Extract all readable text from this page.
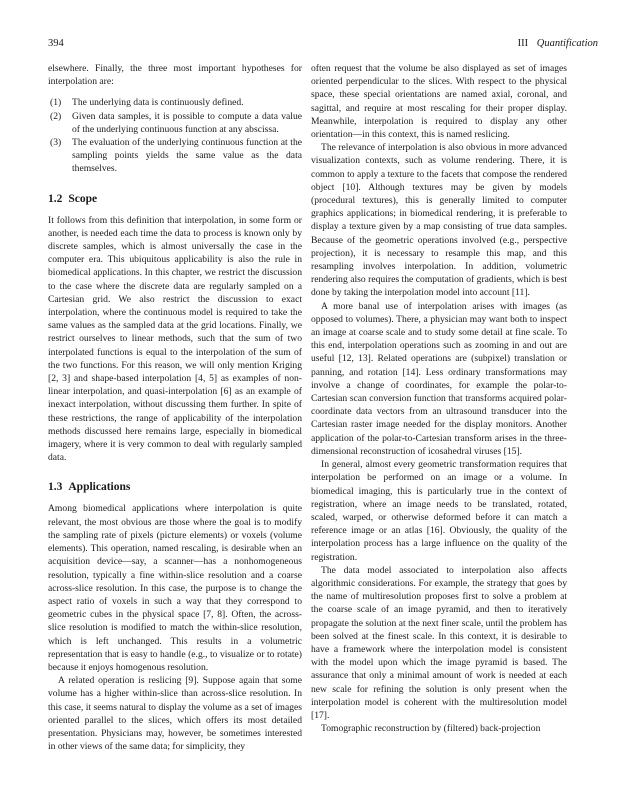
394	III Quantification

elsewhere. Finally, the three most important hypotheses for interpolation are:

(1) The underlying data is continuously defined.
(2) Given data samples, it is possible to compute a data value of the underlying continuous function at any abscissa.
(3) The evaluation of the underlying continuous function at the sampling points yields the same value as the data themselves.
1.2 Scope

It follows from this definition that interpolation, in some form or another, is needed each time the data to process is known only by discrete samples, which is almost universally the case in the computer era. This ubiquitous applicability is also the rule in biomedical applications. In this chapter, we restrict the discussion to the case where the discrete data are regularly sampled on a Cartesian grid. We also restrict the discussion to exact interpolation, where the continuous model is required to take the same values as the sampled data at the grid locations. Finally, we restrict ourselves to linear methods, such that the sum of two interpolated functions is equal to the interpolation of the sum of the two functions. For this reason, we will only mention Kriging [2, 3] and shape-based interpolation [4, 5] as examples of non-linear interpolation, and quasi-interpolation [6] as an example of inexact interpolation, without discussing them further. In spite of these restrictions, the range of applicability of the interpolation methods discussed here remains large, especially in biomedical imagery, where it is very common to deal with regularly sampled data.

1.3 Applications

Among biomedical applications where interpolation is quite relevant, the most obvious are those where the goal is to modify the sampling rate of pixels (picture elements) or voxels (volume elements). This operation, named rescaling, is desirable when an acquisition device—say, a scanner—has a nonhomogeneous resolution, typically a fine within-slice resolution and a coarse across-slice resolution. In this case, the purpose is to change the aspect ratio of voxels in such a way that they correspond to geometric cubes in the physical space [7, 8]. Often, the across-slice resolution is modified to match the within-slice resolution, which is left unchanged. This results in a volumetric representation that is easy to handle (e.g., to visualize or to rotate) because it enjoys homogenous resolution.

A related operation is reslicing [9]. Suppose again that some volume has a higher within-slice than across-slice resolution. In this case, it seems natural to display the volume as a set of images oriented parallel to the slices, which offers its most detailed presentation. Physicians may, however, be sometimes interested in other views of the same data; for simplicity, they

often request that the volume be also displayed as set of images oriented perpendicular to the slices. With respect to the physical space, these special orientations are named axial, coronal, and sagittal, and require at most rescaling for their proper display. Meanwhile, interpolation is required to display any other orientation—in this context, this is named reslicing.

The relevance of interpolation is also obvious in more advanced visualization contexts, such as volume rendering. There, it is common to apply a texture to the facets that compose the rendered object [10]. Although textures may be given by models (procedural textures), this is generally limited to computer graphics applications; in biomedical rendering, it is preferable to display a texture given by a map consisting of true data samples. Because of the geometric operations involved (e.g., perspective projection), it is necessary to resample this map, and this resampling involves interpolation. In addition, volumetric rendering also requires the computation of gradients, which is best done by taking the interpolation model into account [11].

A more banal use of interpolation arises with images (as opposed to volumes). There, a physician may want both to inspect an image at coarse scale and to study some detail at fine scale. To this end, interpolation operations such as zooming in and out are useful [12, 13]. Related operations are (subpixel) translation or panning, and rotation [14]. Less ordinary transformations may involve a change of coordinates, for example the polar-to-Cartesian scan conversion function that transforms acquired polar-coordinate data vectors from an ultrasound transducer into the Cartesian raster image needed for the display monitors. Another application of the polar-to-Cartesian transform arises in the three-dimensional reconstruction of icosahedral viruses [15].

In general, almost every geometric transformation requires that interpolation be performed on an image or a volume. In biomedical imaging, this is particularly true in the context of registration, where an image needs to be translated, rotated, scaled, warped, or otherwise deformed before it can match a reference image or an atlas [16]. Obviously, the quality of the interpolation process has a large influence on the quality of the registration.

The data model associated to interpolation also affects algorithmic considerations. For example, the strategy that goes by the name of multiresolution proposes first to solve a problem at the coarse scale of an image pyramid, and then to iteratively propagate the solution at the next finer scale, until the problem has been solved at the finest scale. In this context, it is desirable to have a framework where the interpolation model is consistent with the model upon which the image pyramid is based. The assurance that only a minimal amount of work is needed at each new scale for refining the solution is only present when the interpolation model is coherent with the multiresolution model [17].

Tomographic reconstruction by (filtered) back-projection
